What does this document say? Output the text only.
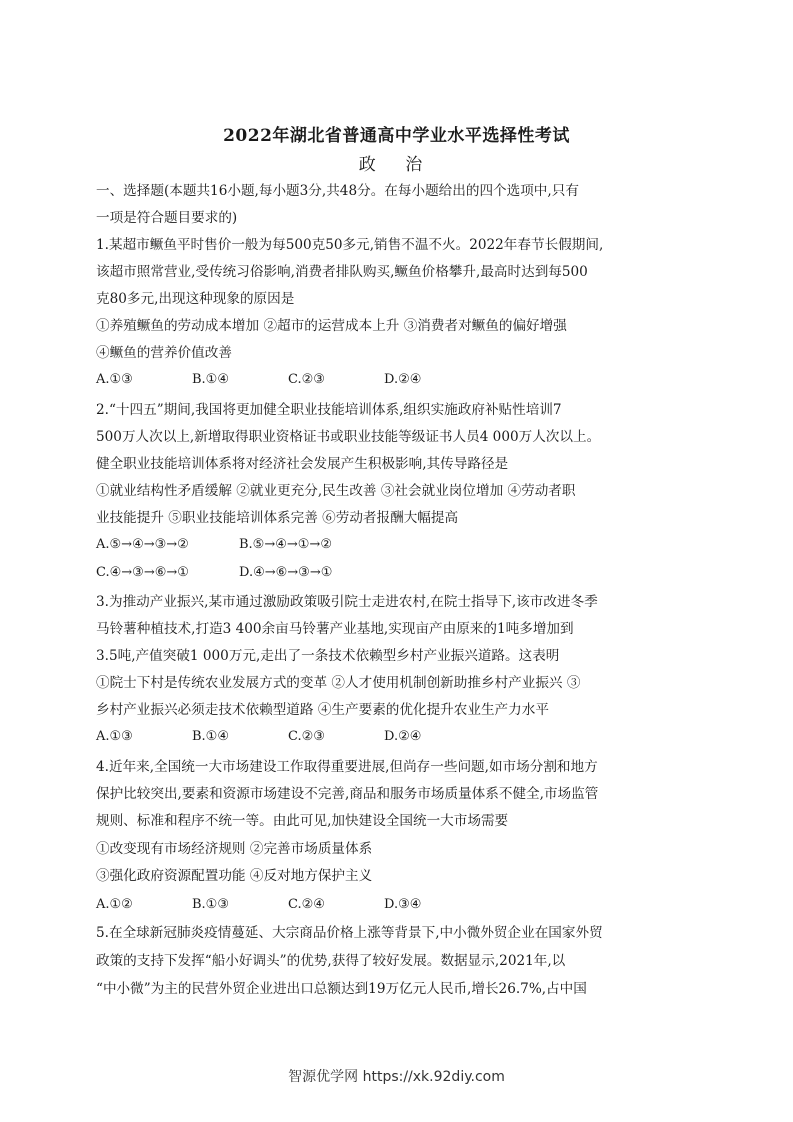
2022年湖北省普通高中学业水平选择性考试
政 治
一、选择题(本题共16小题,每小题3分,共48分。在每小题给出的四个选项中,只有
一项是符合题目要求的)
1.某超市鳜鱼平时售价一般为每500克50多元,销售不温不火。2022年春节长假期间,
该超市照常营业,受传统习俗影响,消费者排队购买,鳜鱼价格攀升,最高时达到每500
克80多元,出现这种现象的原因是
①养殖鳜鱼的劳动成本增加 ②超市的运营成本上升 ③消费者对鳜鱼的偏好增强
④鳜鱼的营养价值改善
A.①③	B.①④	C.②③	D.②④
2.“十四五”期间,我国将更加健全职业技能培训体系,组织实施政府补贴性培训7
500万人次以上,新增取得职业资格证书或职业技能等级证书人员4 000万人次以上。
健全职业技能培训体系将对经济社会发展产生积极影响,其传导路径是
①就业结构性矛盾缓解 ②就业更充分,民生改善 ③社会就业岗位增加 ④劳动者职
业技能提升 ⑤职业技能培训体系完善 ⑥劳动者报酬大幅提高
A.⑤→④→③→②	B.⑤→④→①→②
C.④→③→⑥→①	D.④→⑥→③→①
3.为推动产业振兴,某市通过激励政策吸引院士走进农村,在院士指导下,该市改进冬季
马铃薯种植技术,打造3 400余亩马铃薯产业基地,实现亩产由原来的1吨多增加到
3.5吨,产值突破1 000万元,走出了一条技术依赖型乡村产业振兴道路。这表明
①院士下村是传统农业发展方式的变革 ②人才使用机制创新助推乡村产业振兴 ③
乡村产业振兴必须走技术依赖型道路 ④生产要素的优化提升农业生产力水平
A.①③	B.①④	C.②③	D.②④
4.近年来,全国统一大市场建设工作取得重要进展,但尚存一些问题,如市场分割和地方
保护比较突出,要素和资源市场建设不完善,商品和服务市场质量体系不健全,市场监管
规则、标准和程序不统一等。由此可见,加快建设全国统一大市场需要
①改变现有市场经济规则 ②完善市场质量体系
③强化政府资源配置功能 ④反对地方保护主义
A.①②	B.①③	C.②④	D.③④
5.在全球新冠肺炎疫情蔓延、大宗商品价格上涨等背景下,中小微外贸企业在国家外贸
政策的支持下发挥“船小好调头”的优势,获得了较好发展。数据显示,2021年,以
“中小微”为主的民营外贸企业进出口总额达到19万亿元人民币,增长26.7%,占中国
智源优学网 https://xk.92diy.com
